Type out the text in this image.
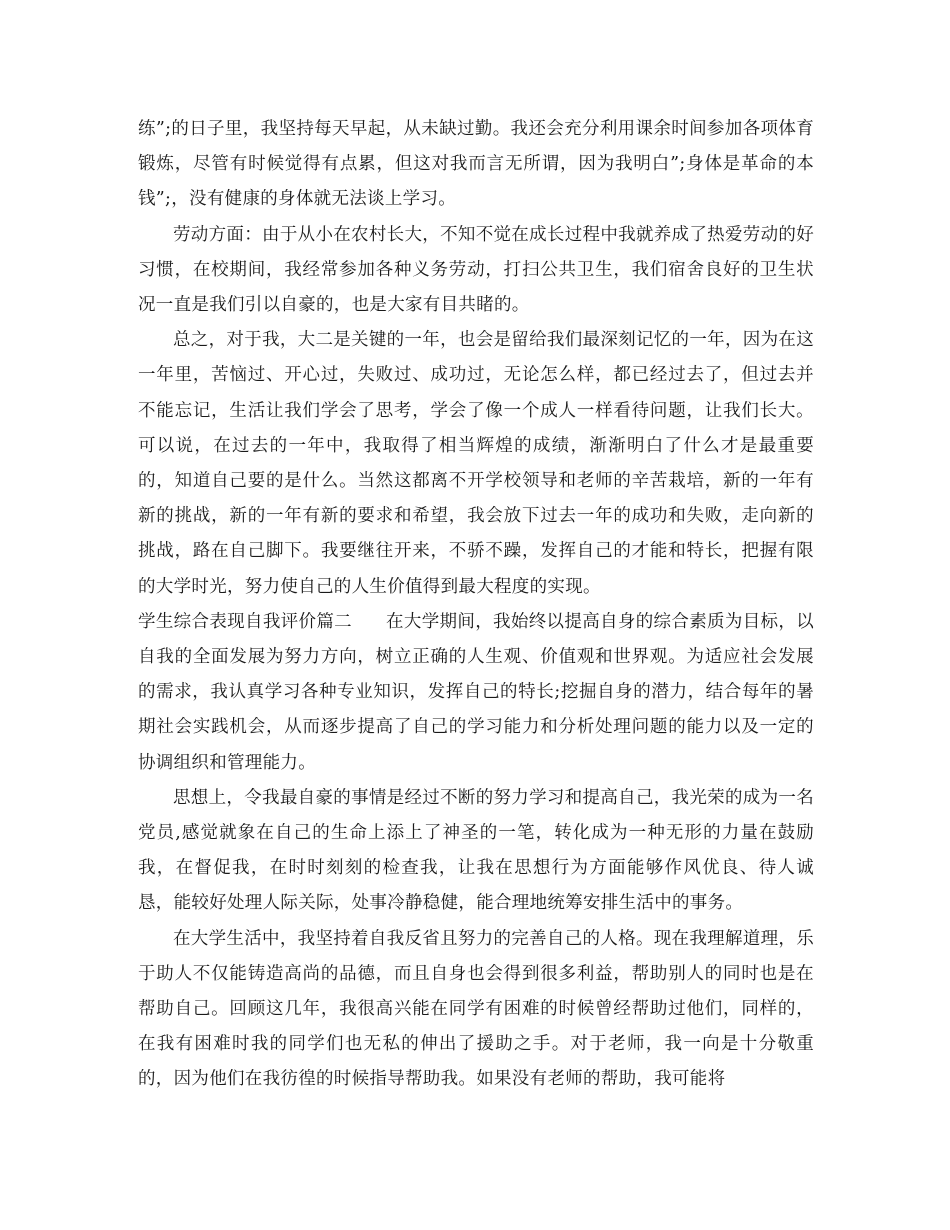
练”;的日子里，我坚持每天早起，从未缺过勤。我还会充分利用课余时间参加各项体育锻炼，尽管有时候觉得有点累，但这对我而言无所谓，因为我明白”;身体是革命的本钱”;，没有健康的身体就无法谈上学习。

劳动方面：由于从小在农村长大，不知不觉在成长过程中我就养成了热爱劳动的好习惯，在校期间，我经常参加各种义务劳动，打扫公共卫生，我们宿舍良好的卫生状况一直是我们引以自豪的，也是大家有目共睹的。

总之，对于我，大二是关键的一年，也会是留给我们最深刻记忆的一年，因为在这一年里，苦恼过、开心过，失败过、成功过，无论怎么样，都已经过去了，但过去并不能忘记，生活让我们学会了思考，学会了像一个成人一样看待问题，让我们长大。可以说，在过去的一年中，我取得了相当辉煌的成绩，渐渐明白了什么才是最重要的，知道自己要的是什么。当然这都离不开学校领导和老师的辛苦栽培，新的一年有新的挑战，新的一年有新的要求和希望，我会放下过去一年的成功和失败，走向新的挑战，路在自己脚下。我要继往开来，不骄不躁，发挥自己的才能和特长，把握有限的大学时光，努力使自己的人生价值得到最大程度的实现。

学生综合表现自我评价篇二 在大学期间，我始终以提高自身的综合素质为目标，以自我的全面发展为努力方向，树立正确的人生观、价值观和世界观。为适应社会发展的需求，我认真学习各种专业知识，发挥自己的特长;挖掘自身的潜力，结合每年的暑期社会实践机会，从而逐步提高了自己的学习能力和分析处理问题的能力以及一定的协调组织和管理能力。

思想上，令我最自豪的事情是经过不断的努力学习和提高自己，我光荣的成为一名党员,感觉就象在自己的生命上添上了神圣的一笔，转化成为一种无形的力量在鼓励我，在督促我，在时时刻刻的检查我，让我在思想行为方面能够作风优良、待人诚恳，能较好处理人际关际，处事冷静稳健，能合理地统筹安排生活中的事务。

在大学生活中，我坚持着自我反省且努力的完善自己的人格。现在我理解道理，乐于助人不仅能铸造高尚的品德，而且自身也会得到很多利益，帮助别人的同时也是在帮助自己。回顾这几年，我很高兴能在同学有困难的时候曾经帮助过他们，同样的，在我有困难时我的同学们也无私的伸出了援助之手。对于老师，我一向是十分敬重的，因为他们在我彷徨的时候指导帮助我。如果没有老师的帮助，我可能将
